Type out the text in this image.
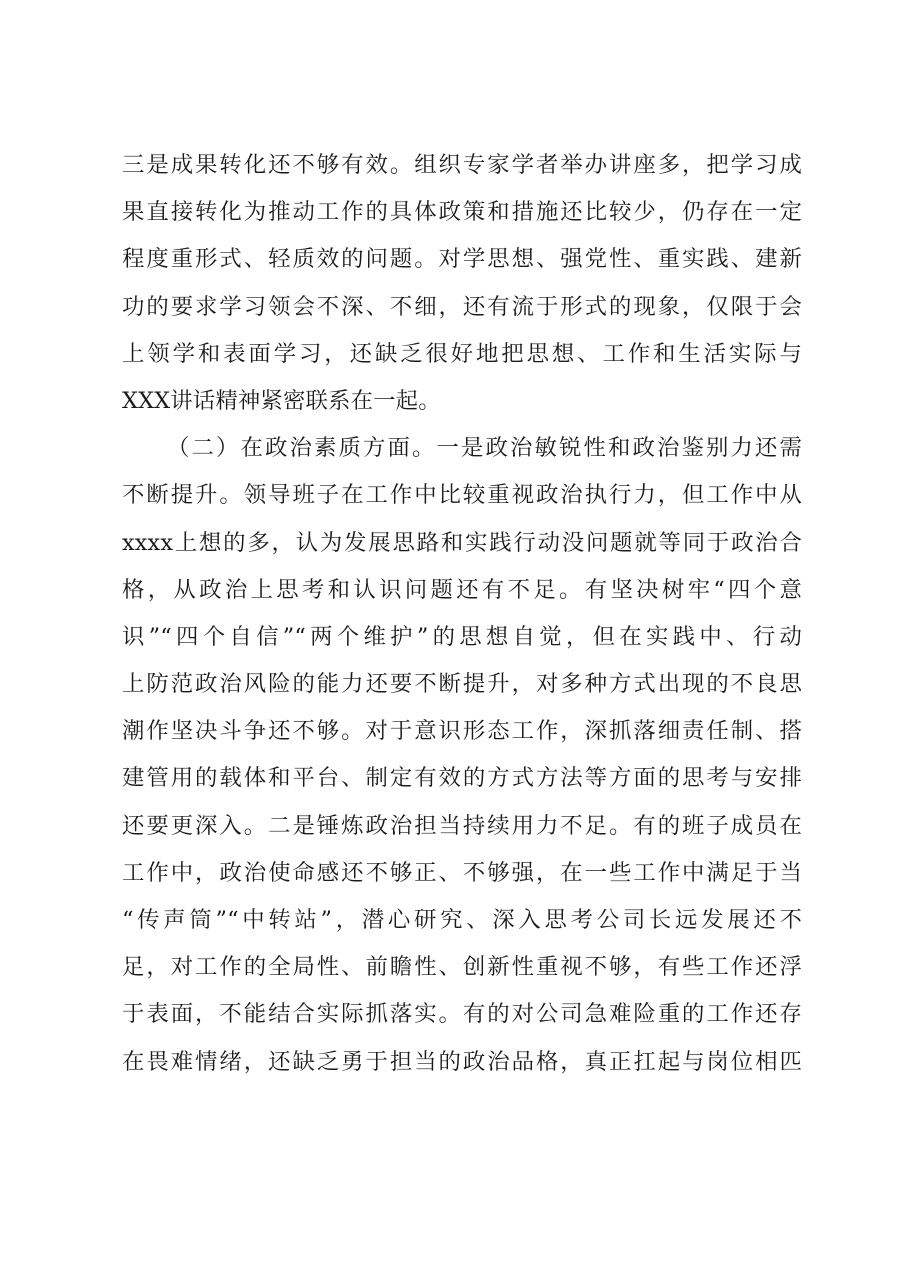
三是成果转化还不够有效。组织专家学者举办讲座多，把学习成
果直接转化为推动工作的具体政策和措施还比较少，仍存在一定
程度重形式、轻质效的问题。对学思想、强党性、重实践、建新
功的要求学习领会不深、不细，还有流于形式的现象，仅限于会
上领学和表面学习，还缺乏很好地把思想、工作和生活实际与
XXX讲话精神紧密联系在一起。
（二）在政治素质方面。一是政治敏锐性和政治鉴别力还需
不断提升。领导班子在工作中比较重视政治执行力，但工作中从
xxxx上想的多，认为发展思路和实践行动没问题就等同于政治合
格，从政治上思考和认识问题还有不足。有坚决树牢“四个意
识”“四个自信”“两个维护”的思想自觉，但在实践中、行动
上防范政治风险的能力还要不断提升，对多种方式出现的不良思
潮作坚决斗争还不够。对于意识形态工作，深抓落细责任制、搭
建管用的载体和平台、制定有效的方式方法等方面的思考与安排
还要更深入。二是锤炼政治担当持续用力不足。有的班子成员在
工作中，政治使命感还不够正、不够强，在一些工作中满足于当
“传声筒”“中转站”，潜心研究、深入思考公司长远发展还不
足，对工作的全局性、前瞻性、创新性重视不够，有些工作还浮
于表面，不能结合实际抓落实。有的对公司急难险重的工作还存
在畏难情绪，还缺乏勇于担当的政治品格，真正扛起与岗位相匹
